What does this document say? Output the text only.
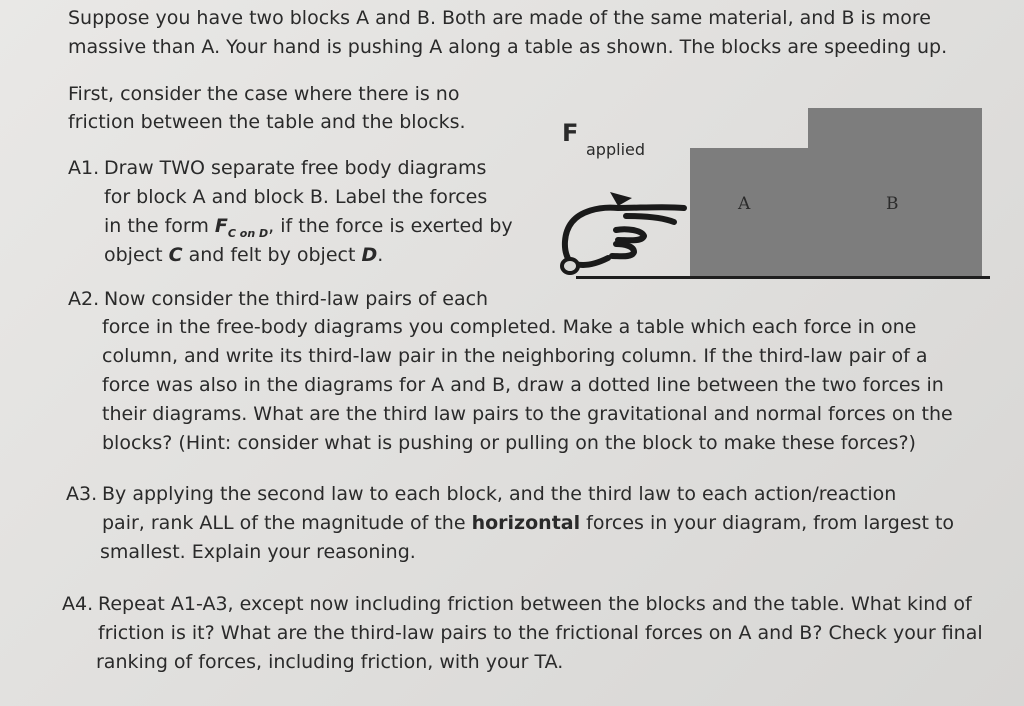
Suppose you have two blocks A and B. Both are made of the same material, and B is more
massive than A. Your hand is pushing A along a table as shown. The blocks are speeding up.
First, consider the case where there is no
friction between the table and the blocks.
A1. Draw TWO separate free body diagrams
for block A and block B. Label the forces
in the form $F_{C on D}$, if the force is exerted by
object C and felt by object D.
F
applied
A	B
A2. Now consider the third-law pairs of each
force in the free-body diagrams you completed. Make a table which each force in one
column, and write its third-law pair in the neighboring column. If the third-law pair of a
force was also in the diagrams for A and B, draw a dotted line between the two forces in
their diagrams. What are the third law pairs to the gravitational and normal forces on the
blocks? (Hint: consider what is pushing or pulling on the block to make these forces?)
A3. By applying the second law to each block, and the third law to each action/reaction
pair, rank ALL of the magnitude of the horizontal forces in your diagram, from largest to
smallest. Explain your reasoning.
A4. Repeat A1-A3, except now including friction between the blocks and the table. What kind of
friction is it? What are the third-law pairs to the frictional forces on A and B? Check your final
ranking of forces, including friction, with your TA.
